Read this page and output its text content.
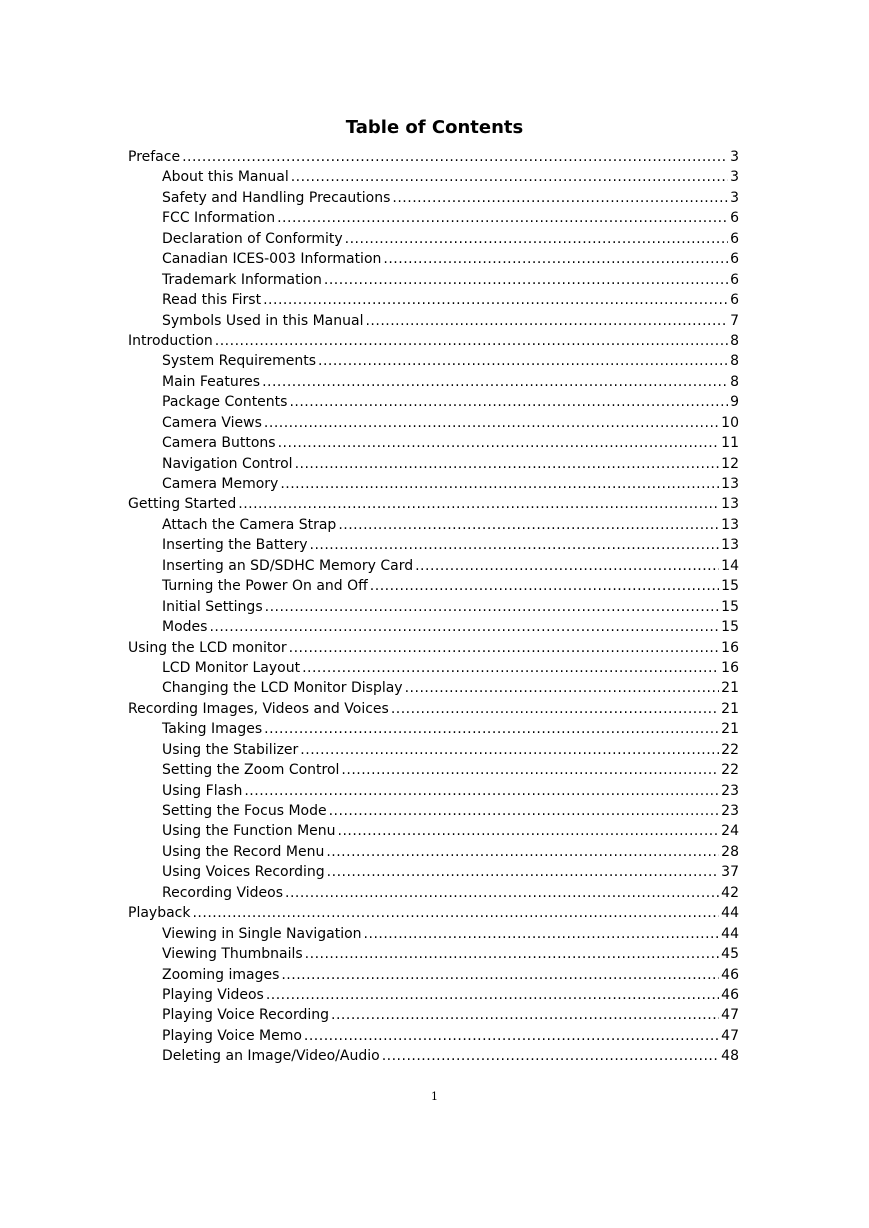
Table of Contents
Preface .....	3
About this Manual .....	3
Safety and Handling Precautions .....	3
FCC Information .....	6
Declaration of Conformity .....	6
Canadian ICES-003 Information .....	6
Trademark Information .....	6
Read this First .....	6
Symbols Used in this Manual .....	7
Introduction .....	8
System Requirements .....	8
Main Features .....	8
Package Contents .....	9
Camera Views .....	10
Camera Buttons .....	11
Navigation Control .....	12
Camera Memory .....	13
Getting Started .....	13
Attach the Camera Strap .....	13
Inserting the Battery .....	13
Inserting an SD/SDHC Memory Card .....	14
Turning the Power On and Off .....	15
Initial Settings .....	15
Modes .....	15
Using the LCD monitor .....	16
LCD Monitor Layout .....	16
Changing the LCD Monitor Display .....	21
Recording Images, Videos and Voices .....	21
Taking Images .....	21
Using the Stabilizer .....	22
Setting the Zoom Control .....	22
Using Flash .....	23
Setting the Focus Mode .....	23
Using the Function Menu .....	24
Using the Record Menu .....	28
Using Voices Recording .....	37
Recording Videos .....	42
Playback .....	44
Viewing in Single Navigation .....	44
Viewing Thumbnails .....	45
Zooming images .....	46
Playing Videos .....	46
Playing Voice Recording .....	47
Playing Voice Memo .....	47
Deleting an Image/Video/Audio .....	48
1
